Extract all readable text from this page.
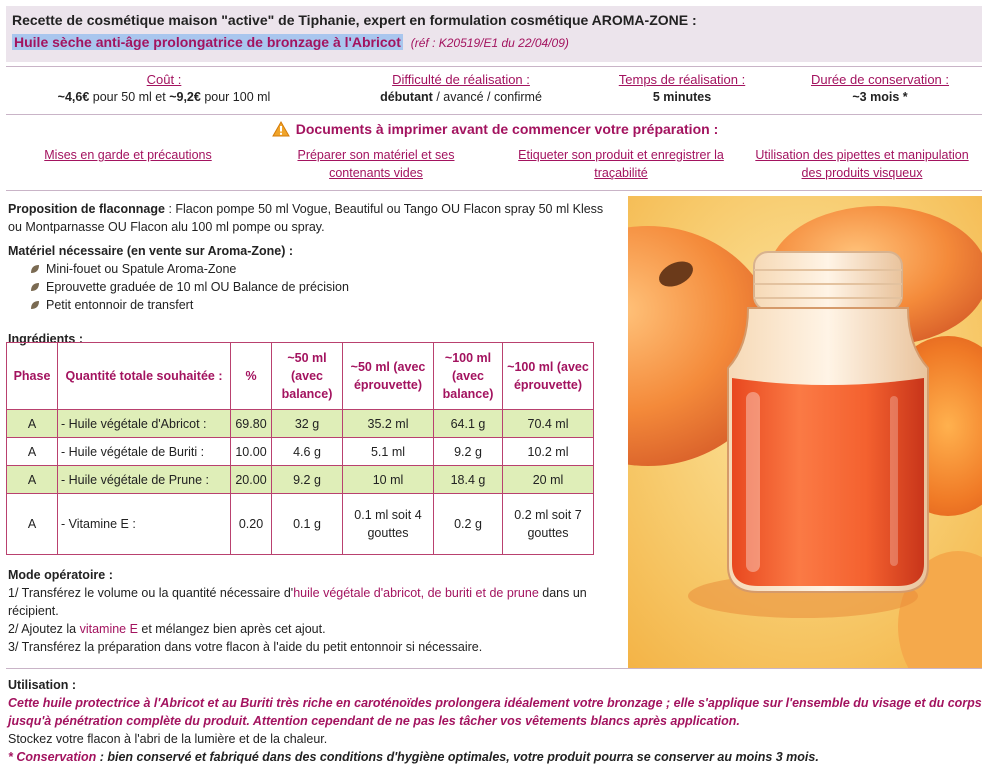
Recette de cosmétique maison "active" de Tiphanie, expert en formulation cosmétique AROMA-ZONE :
Huile sèche anti-âge prolongatrice de bronzage à l'Abricot (réf : K20519/E1 du 22/04/09)
Coût :
~4,6€ pour 50 ml et ~9,2€ pour 100 ml
Difficulté de réalisation :
débutant / avancé / confirmé
Temps de réalisation :
5 minutes
Durée de conservation :
~3 mois *
Documents à imprimer avant de commencer votre préparation :
Mises en garde et précautions	Préparer son matériel et ses contenants vides
Etiqueter son produit et enregistrer la traçabilité
Utilisation des pipettes et manipulation des produits visqueux
Proposition de flaconnage : Flacon pompe 50 ml Vogue, Beautiful ou Tango OU Flacon spray 50 ml Kless ou Montparnasse OU Flacon alu 100 ml pompe ou spray.
Matériel nécessaire (en vente sur Aroma-Zone) :
Mini-fouet ou Spatule Aroma-Zone
Eprouvette graduée de 10 ml OU Balance de précision
Petit entonnoir de transfert
Ingrédients :
Phase	Quantité totale souhaitée :	%	~50 ml (avec balance)	~50 ml (avec éprouvette)	~100 ml (avec balance)	~100 ml (avec éprouvette)
A	- Huile végétale d'Abricot :	69.80	32 g	35.2 ml	64.1 g	70.4 ml
A	- Huile végétale de Buriti :	10.00	4.6 g	5.1 ml	9.2 g	10.2 ml
A	- Huile végétale de Prune :	20.00	9.2 g	10 ml	18.4 g	20 ml
A	- Vitamine E :	0.20	0.1 g	0.1 ml soit 4 gouttes	0.2 g	0.2 ml soit 7 gouttes
Mode opératoire :
1/ Transférez le volume ou la quantité nécessaire d'huile végétale d'abricot, de buriti et de prune dans un récipient.
2/ Ajoutez la vitamine E et mélangez bien après cet ajout.
3/ Transférez la préparation dans votre flacon à l'aide du petit entonnoir si nécessaire.
Utilisation :
Cette huile protectrice à l'Abricot et au Buriti très riche en caroténoïdes prolongera idéalement votre bronzage ; elle s'applique sur l'ensemble du visage et du corps jusqu'à pénétration complète du produit. Attention cependant de ne pas les tâcher vos vêtements blancs après application.
Stockez votre flacon à l'abri de la lumière et de la chaleur.
* Conservation : bien conservé et fabriqué dans des conditions d'hygiène optimales, votre produit pourra se conserver au moins 3 mois.
